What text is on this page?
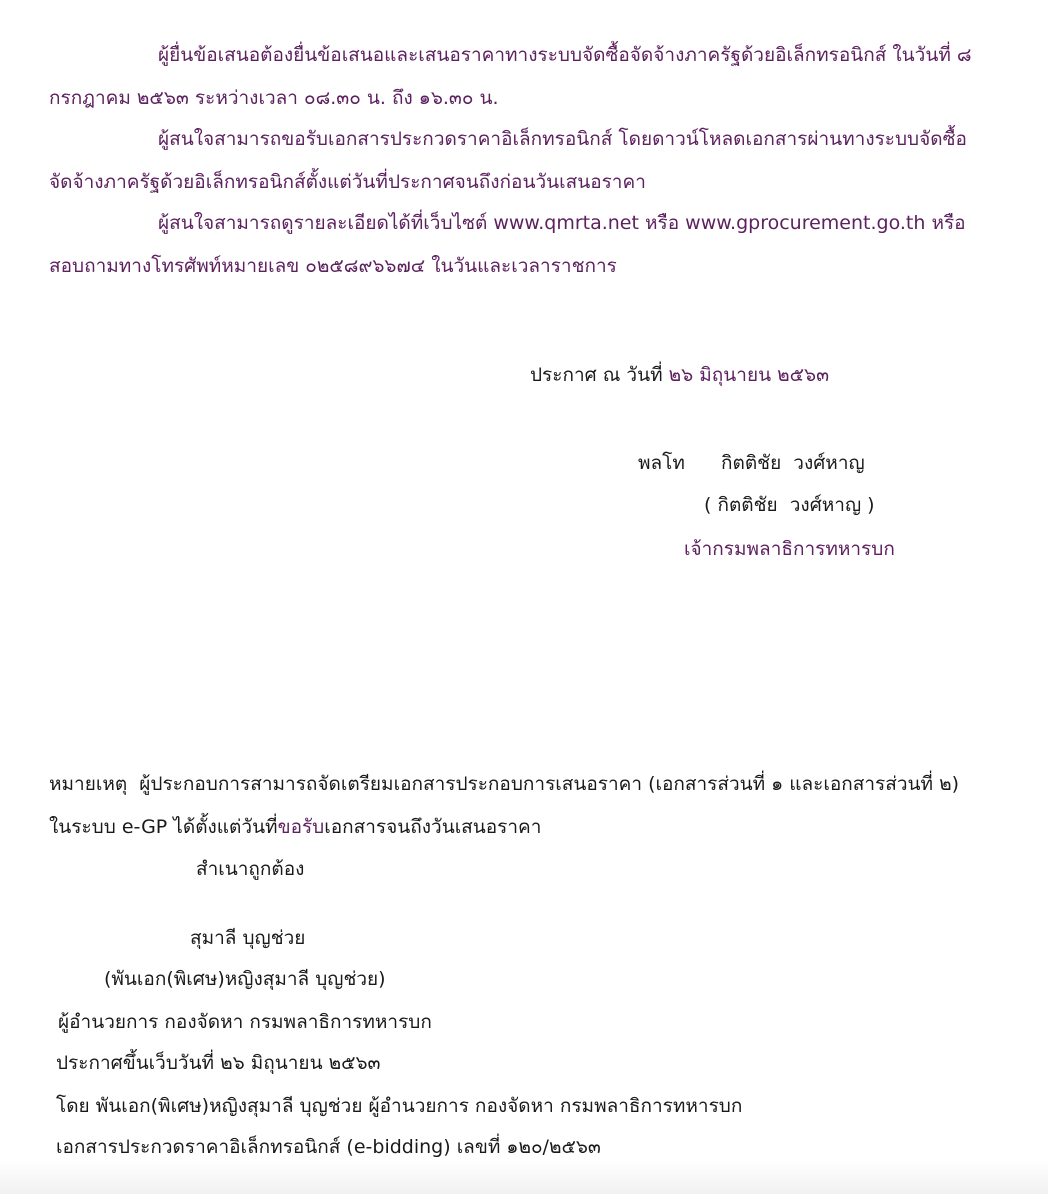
ผู้ยื่นข้อเสนอต้องยื่นข้อเสนอและเสนอราคาทางระบบจัดซื้อจัดจ้างภาครัฐด้วยอิเล็กทรอนิกส์ ในวันที่ ๘
กรกฎาคม ๒๕๖๓ ระหว่างเวลา ๐๘.๓๐ น. ถึง ๑๖.๓๐ น.
ผู้สนใจสามารถขอรับเอกสารประกวดราคาอิเล็กทรอนิกส์ โดยดาวน์โหลดเอกสารผ่านทางระบบจัดซื้อ
จัดจ้างภาครัฐด้วยอิเล็กทรอนิกส์ตั้งแต่วันที่ประกาศจนถึงก่อนวันเสนอราคา
ผู้สนใจสามารถดูรายละเอียดได้ที่เว็บไซต์ www.qmrta.net หรือ www.gprocurement.go.th หรือ
สอบถามทางโทรศัพท์หมายเลข ๐๒๕๘๙๖๖๗๔ ในวันและเวลาราชการ
ประกาศ ณ วันที่ ๒๖ มิถุนายน ๒๕๖๓
พลโท กิตติชัย  วงศ์หาญ
( กิตติชัย  วงศ์หาญ )
เจ้ากรมพลาธิการทหารบก
หมายเหตุ  ผู้ประกอบการสามารถจัดเตรียมเอกสารประกอบการเสนอราคา (เอกสารส่วนที่ ๑ และเอกสารส่วนที่ ๒)
ในระบบ e-GP ได้ตั้งแต่วันที่ขอรับเอกสารจนถึงวันเสนอราคา
สำเนาถูกต้อง
สุมาลี บุญช่วย
(พันเอก(พิเศษ)หญิงสุมาลี บุญช่วย)
ผู้อำนวยการ กองจัดหา กรมพลาธิการทหารบก
ประกาศขึ้นเว็บวันที่ ๒๖ มิถุนายน ๒๕๖๓
โดย พันเอก(พิเศษ)หญิงสุมาลี บุญช่วย ผู้อำนวยการ กองจัดหา กรมพลาธิการทหารบก
เอกสารประกวดราคาอิเล็กทรอนิกส์ (e-bidding) เลขที่ ๑๒๐/๒๕๖๓
